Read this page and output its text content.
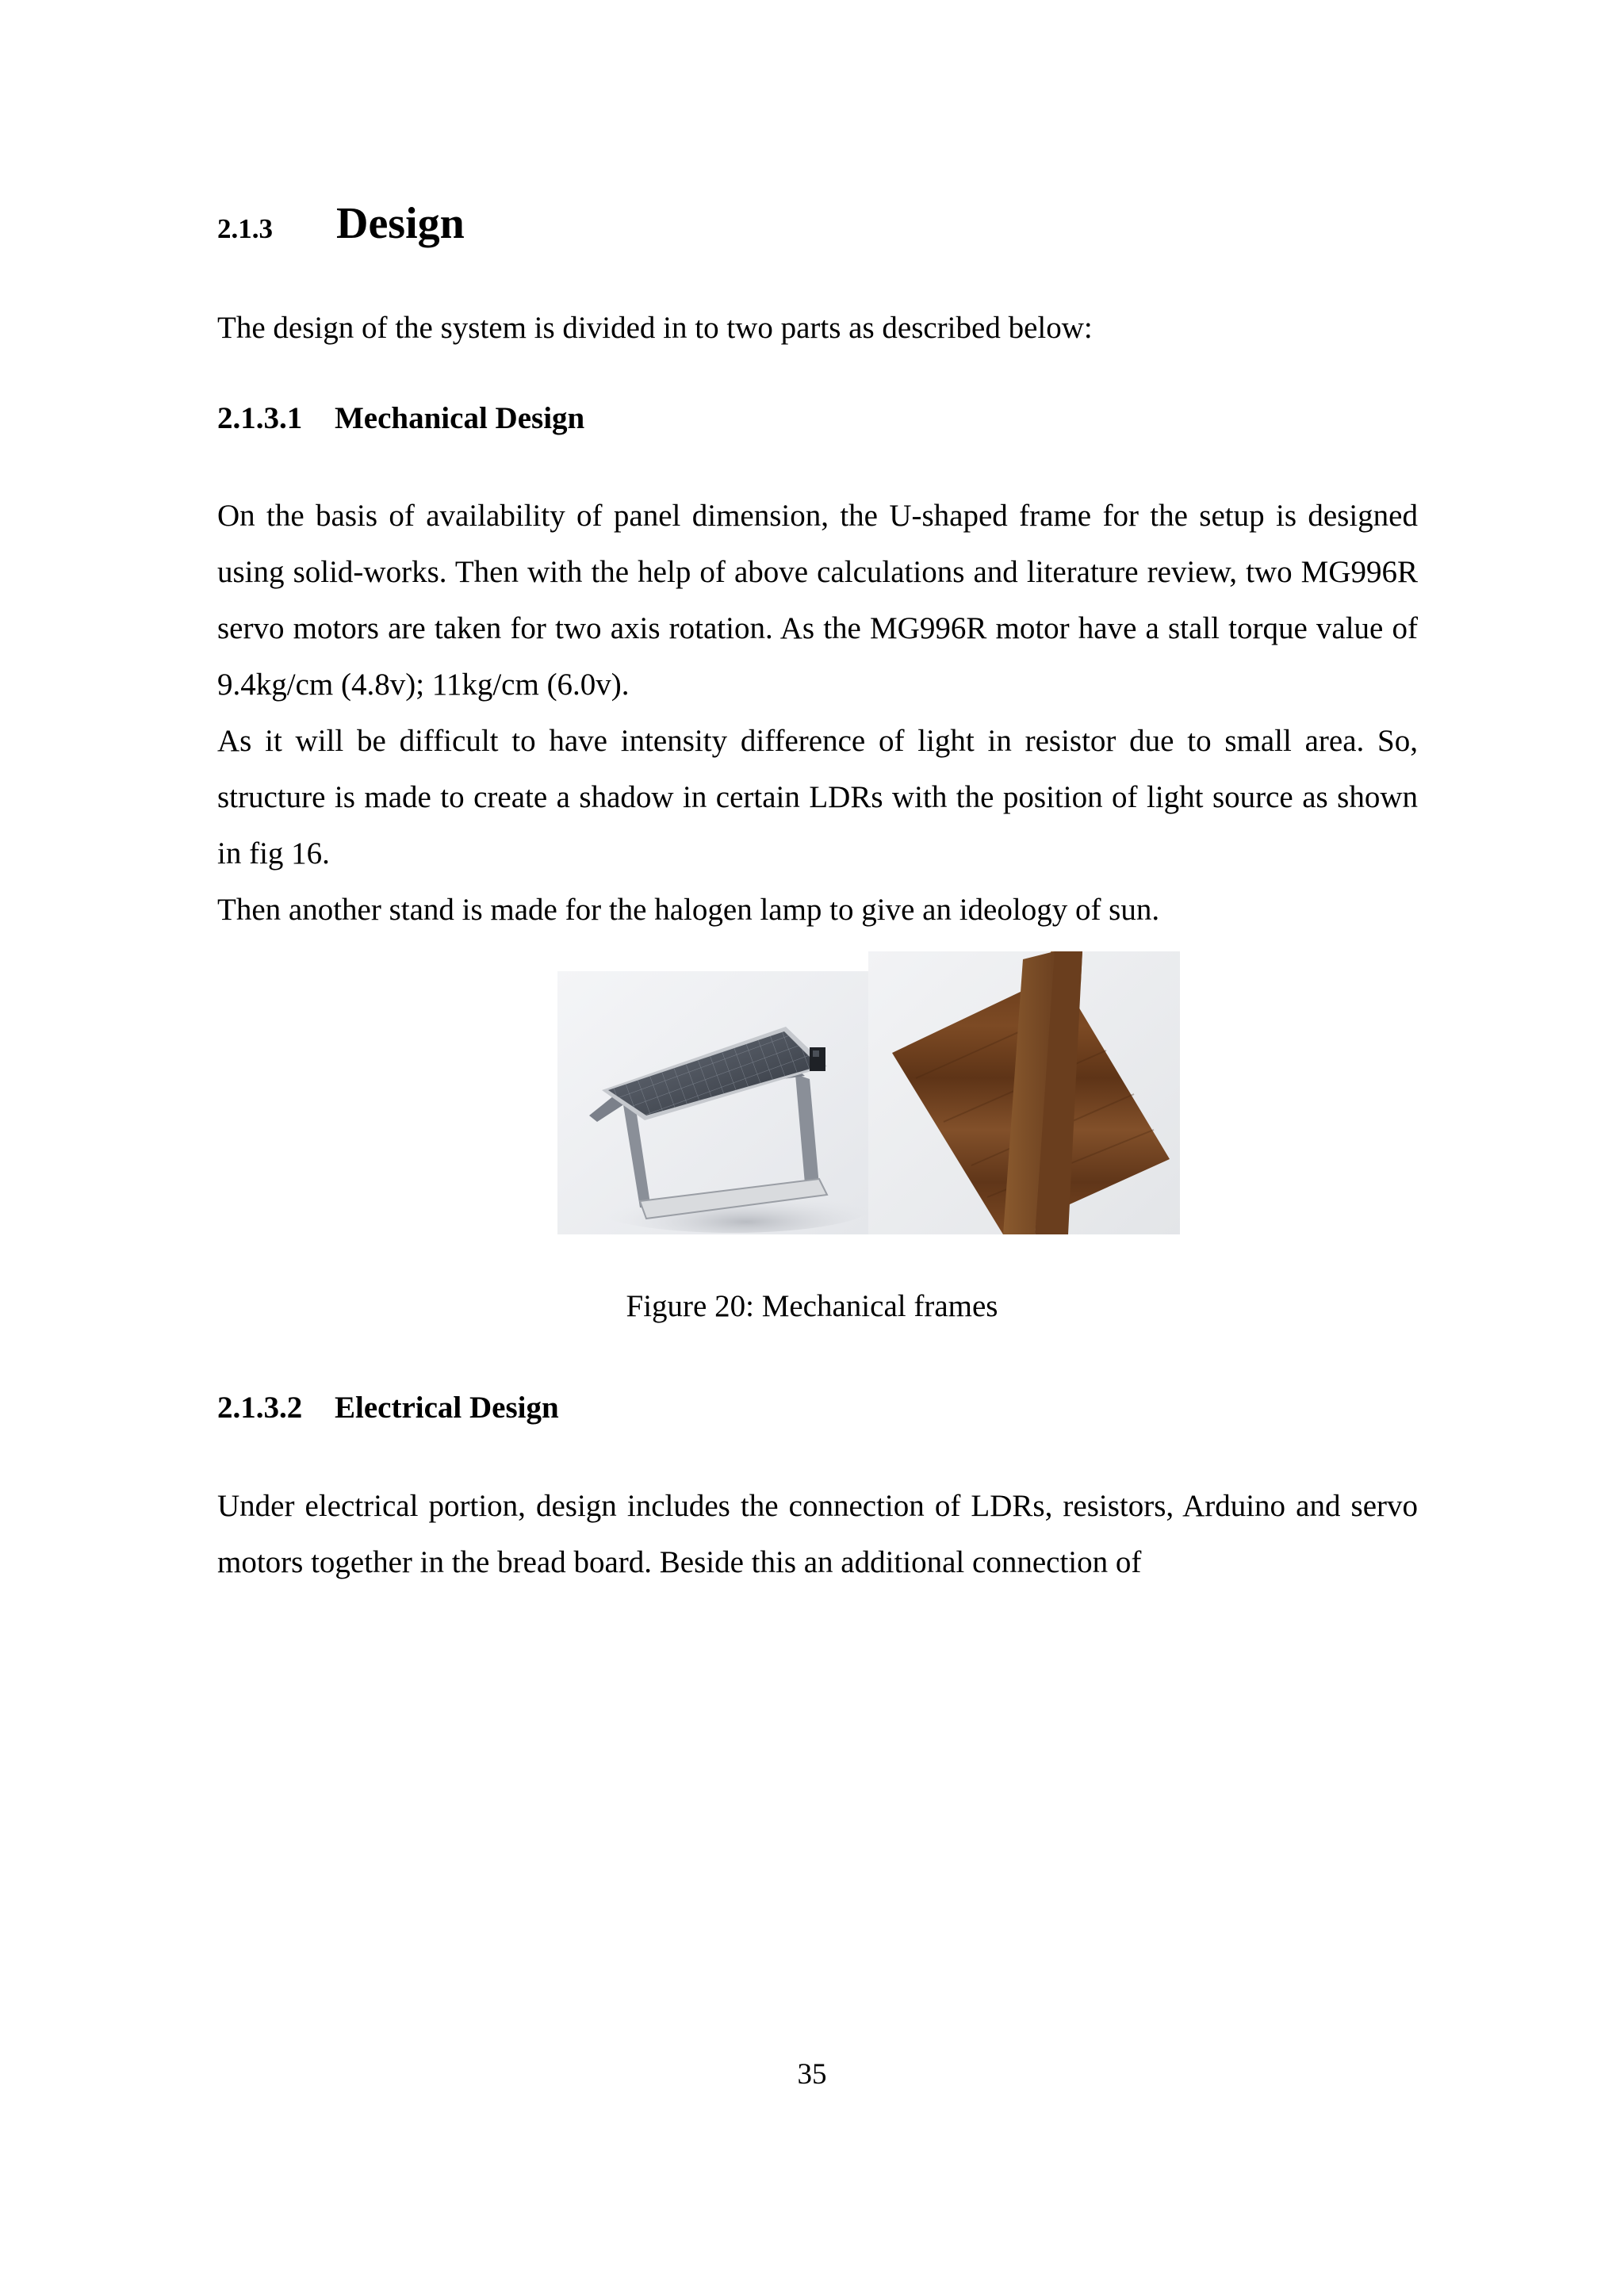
2.1.3 Design

The design of the system is divided in to two parts as described below:

2.1.3.1 Mechanical Design

On the basis of availability of panel dimension, the U-shaped frame for the setup is designed using solid-works. Then with the help of above calculations and literature review, two MG996R servo motors are taken for two axis rotation. As the MG996R motor have a stall torque value of 9.4kg/cm (4.8v); 11kg/cm (6.0v).

As it will be difficult to have intensity difference of light in resistor due to small area. So, structure is made to create a shadow in certain LDRs with the position of light source as shown in fig 16.

Then another stand is made for the halogen lamp to give an ideology of sun.

Figure 20: Mechanical frames
2.1.3.2 Electrical Design

Under electrical portion, design includes the connection of LDRs, resistors, Arduino and servo motors together in the bread board. Beside this an additional connection of

35
